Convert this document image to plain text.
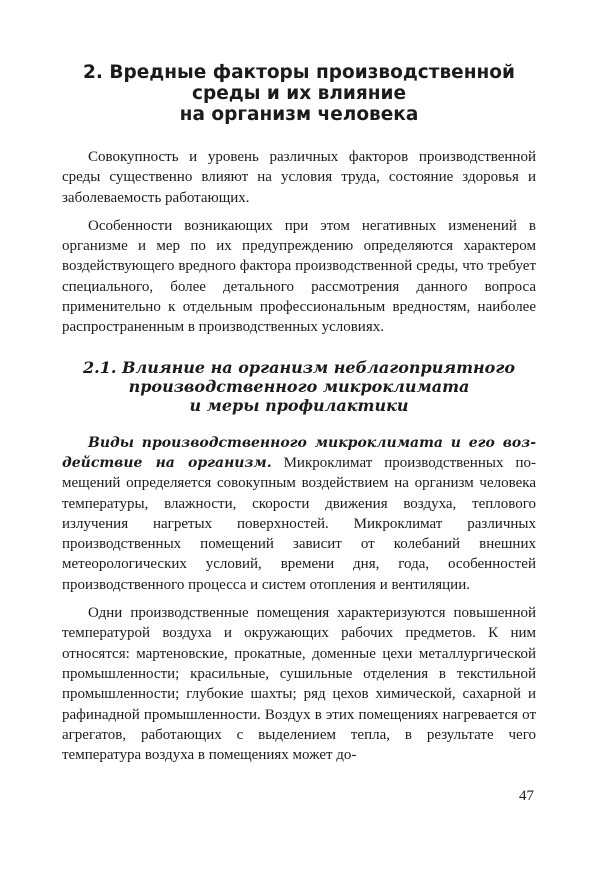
2. Вредные факторы производственной
среды и их влияние
на организм человека

Совокупность и уровень различных факторов производственной среды существенно влияют на условия труда, состояние здоровья и заболеваемость работающих.

Особенности возникающих при этом негативных изменений в организме и мер по их предупреждению определяются характером воздействующего вредного фактора производственной среды, что требует специального, более детального рассмотрения данного вопроса применительно к отдельным профессиональным вредностям, наиболее распространенным в производственных условиях.

2.1. Влияние на организм неблагоприятного
производственного микроклимата
и меры профилактики

Виды производственного микроклимата и его воздействие на организм. Микроклимат производственных помещений определяется совокупным воздействием на организм человека температуры, влажности, скорости движения воздуха, теплового излучения нагретых поверхностей. Микроклимат различных производственных помещений зависит от колебаний внешних метеорологических условий, времени дня, года, особенностей производственного процесса и систем отопления и вентиляции.

Одни производственные помещения характеризуются повышенной температурой воздуха и окружающих рабочих предметов. К ним относятся: мартеновские, прокатные, доменные цехи металлургической промышленности; красильные, сушильные отделения в текстильной промышленности; глубокие шахты; ряд цехов химической, сахарной и рафинадной промышленности. Воздух в этих помещениях нагревается от агрегатов, работающих с выделением тепла, в результате чего температура воздуха в помещениях может до-

47
